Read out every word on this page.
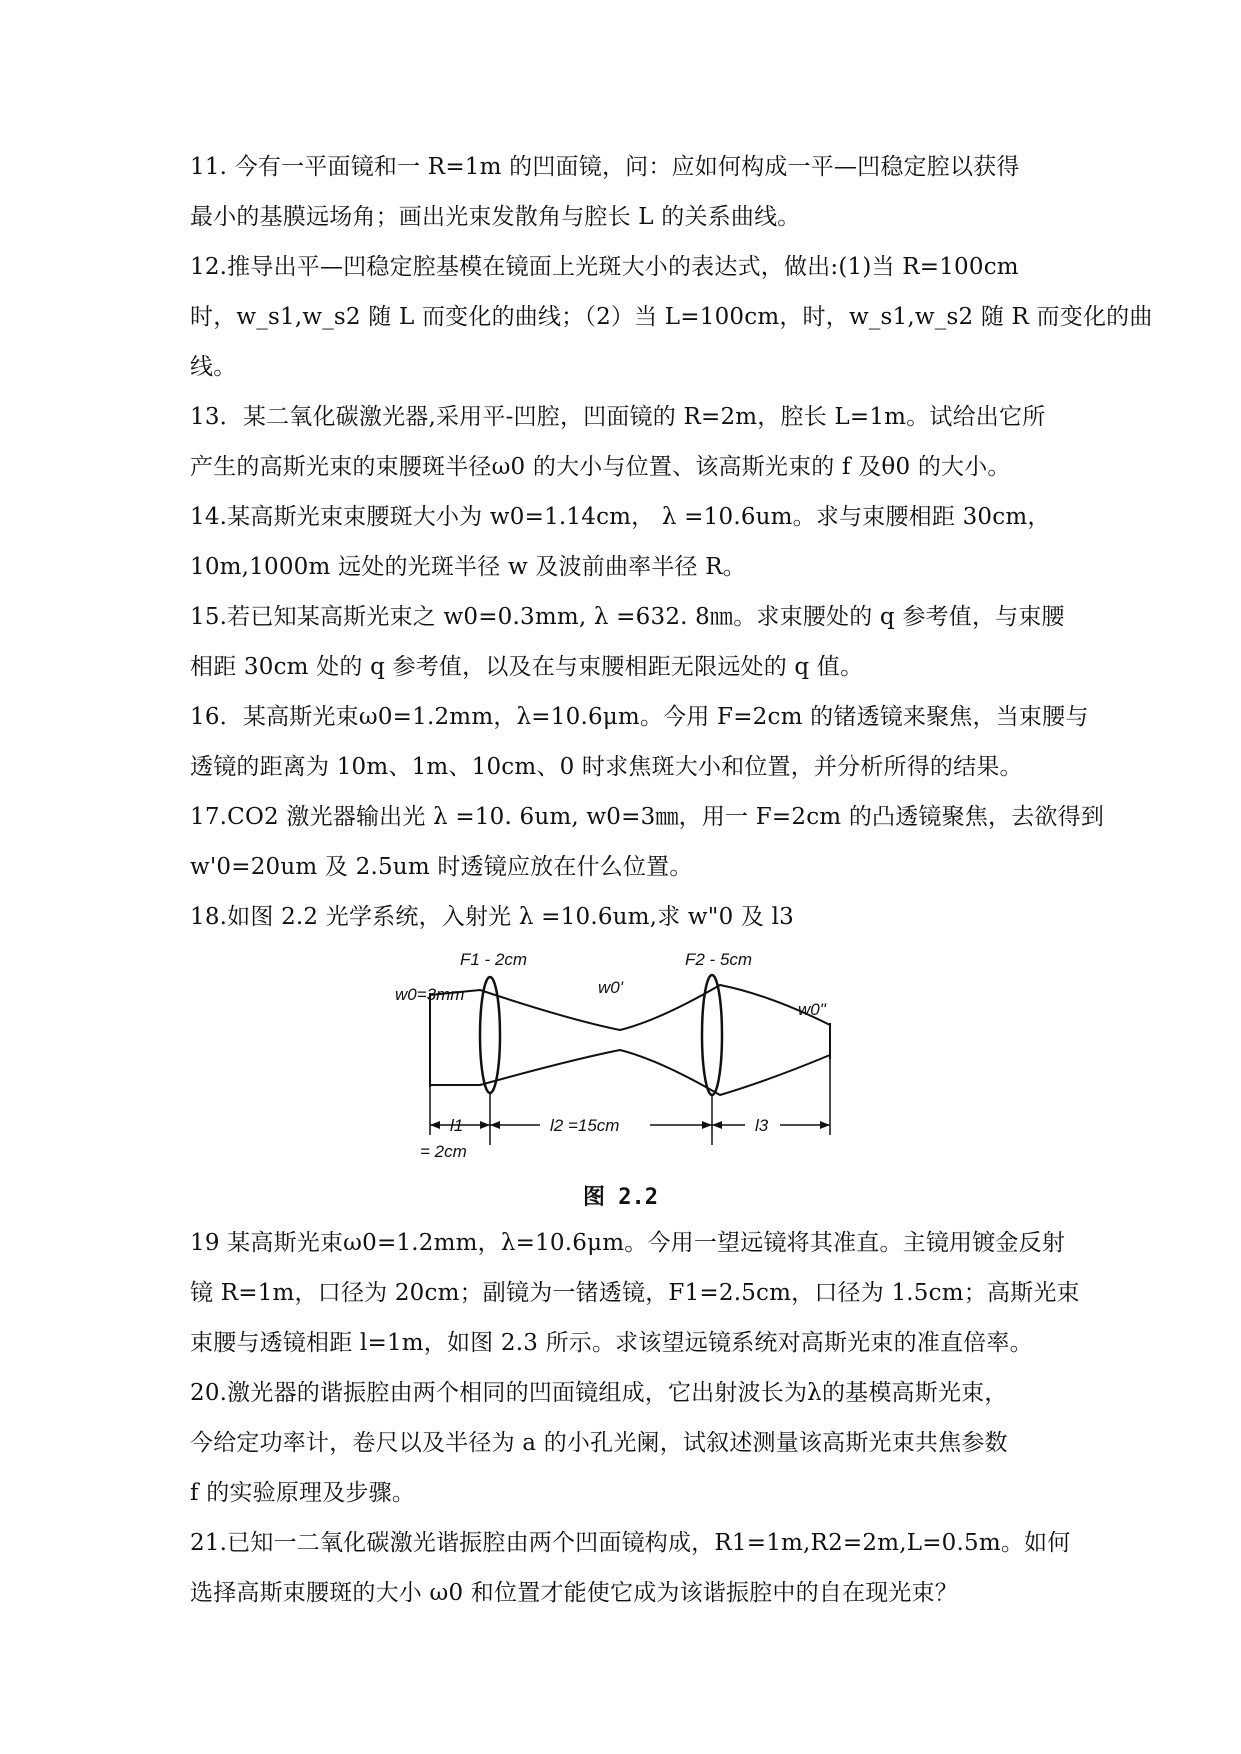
11. 今有一平面镜和一 R=1m 的凹面镜，问：应如何构成一平—凹稳定腔以获得
最小的基膜远场角；画出光束发散角与腔长 L 的关系曲线。
12.推导出平—凹稳定腔基模在镜面上光斑大小的表达式，做出:(1)当 R=100cm
时，w_s1,w_s2 随 L 而变化的曲线；（2）当 L=100cm，时，w_s1,w_s2 随 R 而变化的曲
线。
13．某二氧化碳激光器,采用平-凹腔，凹面镜的 R=2m，腔长 L=1m。试给出它所
产生的高斯光束的束腰斑半径ω0 的大小与位置、该高斯光束的 f 及θ0 的大小。
14.某高斯光束束腰斑大小为 w0=1.14cm， λ =10.6um。求与束腰相距 30cm，
10m,1000m 远处的光斑半径 w 及波前曲率半径 R。
15.若已知某高斯光束之 w0=0.3mm, λ =632. 8㎚。求束腰处的 q 参考值，与束腰
相距 30cm 处的 q 参考值，以及在与束腰相距无限远处的 q 值。
16．某高斯光束ω0=1.2mm，λ=10.6μm。今用 F=2cm 的锗透镜来聚焦，当束腰与
透镜的距离为 10m、1m、10cm、0 时求焦斑大小和位置，并分析所得的结果。
17.CO2 激光器输出光 λ =10. 6um, w0=3㎜，用一 F=2cm 的凸透镜聚焦，去欲得到
w'0=20um 及 2.5um 时透镜应放在什么位置。
18.如图 2.2 光学系统，入射光 λ =10.6um,求 w"0 及 l3
F1 - 2cm	F2 - 5cm
w0=3mm	w0'
w0"
l1	l2 =15cm	l3
= 2cm
图 2.2
19 某高斯光束ω0=1.2mm，λ=10.6μm。今用一望远镜将其准直。主镜用镀金反射
镜 R=1m，口径为 20cm；副镜为一锗透镜，F1=2.5cm，口径为 1.5cm；高斯光束
束腰与透镜相距 l=1m，如图 2.3 所示。求该望远镜系统对高斯光束的准直倍率。
20.激光器的谐振腔由两个相同的凹面镜组成，它出射波长为λ的基模高斯光束，
今给定功率计，卷尺以及半径为 a 的小孔光阑，试叙述测量该高斯光束共焦参数
f 的实验原理及步骤。
21.已知一二氧化碳激光谐振腔由两个凹面镜构成，R1=1m,R2=2m,L=0.5m。如何
选择高斯束腰斑的大小 ω0 和位置才能使它成为该谐振腔中的自在现光束？
